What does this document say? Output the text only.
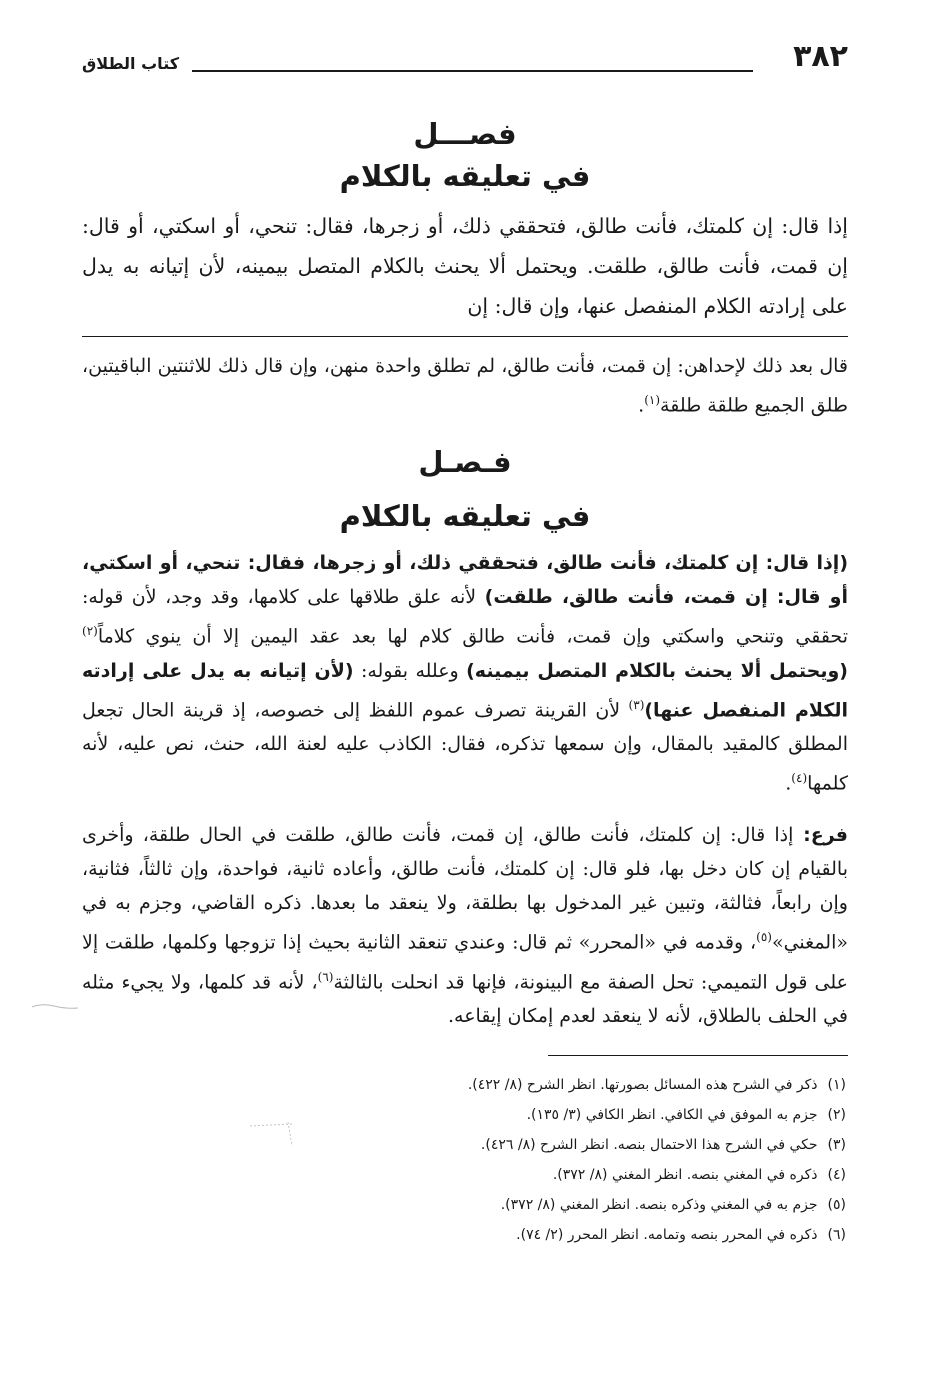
٣٨٢
كتاب الطلاق
فصـــل
في تعليقه بالكلام

إذا قال: إن كلمتك، فأنت طالق، فتحققي ذلك، أو زجرها، فقال: تنحي، أو اسكتي، أو قال: إن قمت، فأنت طالق، طلقت. ويحتمل ألا يحنث بالكلام المتصل بيمينه، لأن إتيانه به يدل على إرادته الكلام المنفصل عنها، وإن قال: إن

قال بعد ذلك لإحداهن: إن قمت، فأنت طالق، لم تطلق واحدة منهن، وإن قال ذلك للاثنتين الباقيتين، طلق الجميع طلقة طلقة$^{(١)}$.

فـصـل
في تعليقه بالكلام

(إذا قال: إن كلمتك، فأنت طالق، فتحققي ذلك، أو زجرها، فقال: تنحي، أو اسكتي، أو قال: إن قمت، فأنت طالق، طلقت) لأنه علق طلاقها على كلامها، وقد وجد، لأن قوله: تحققي وتنحي واسكتي وإن قمت، فأنت طالق كلام لها بعد عقد اليمين إلا أن ينوي كلاماً$^{(٢)}$ (ويحتمل ألا يحنث بالكلام المتصل بيمينه) وعلله بقوله: (لأن إتيانه به يدل على إرادته الكلام المنفصل عنها)$^{(٣)}$ لأن القرينة تصرف عموم اللفظ إلى خصوصه، إذ قرينة الحال تجعل المطلق كالمقيد بالمقال، وإن سمعها تذكره، فقال: الكاذب عليه لعنة الله، حنث، نص عليه، لأنه كلمها$^{(٤)}$.

فرع: إذا قال: إن كلمتك، فأنت طالق، إن قمت، فأنت طالق، طلقت في الحال طلقة، وأخرى بالقيام إن كان دخل بها، فلو قال: إن كلمتك، فأنت طالق، وأعاده ثانية، فواحدة، وإن ثالثاً، فثانية، وإن رابعاً، فثالثة، وتبين غير المدخول بها بطلقة، ولا ينعقد ما بعدها. ذكره القاضي، وجزم به في «المغني»$^{(٥)}$، وقدمه في «المحرر» ثم قال: وعندي تنعقد الثانية بحيث إذا تزوجها وكلمها، طلقت إلا على قول التميمي: تحل الصفة مع البينونة، فإنها قد انحلت بالثالثة$^{(٦)}$، لأنه قد كلمها، ولا يجيء مثله في الحلف بالطلاق، لأنه لا ينعقد لعدم إمكان إيقاعه.

(١)ذكر في الشرح هذه المسائل بصورتها. انظر الشرح (٨/ ٤٢٢).
(٢)جزم به الموفق في الكافي. انظر الكافي (٣/ ١٣٥).
(٣)حكي في الشرح هذا الاحتمال بنصه. انظر الشرح (٨/ ٤٢٦).
(٤)ذكره في المغني بنصه. انظر المغني (٨/ ٣٧٢).
(٥)جزم به في المغني وذكره بنصه. انظر المغني (٨/ ٣٧٢).
(٦)ذكره في المحرر بنصه وتمامه. انظر المحرر (٢/ ٧٤).
